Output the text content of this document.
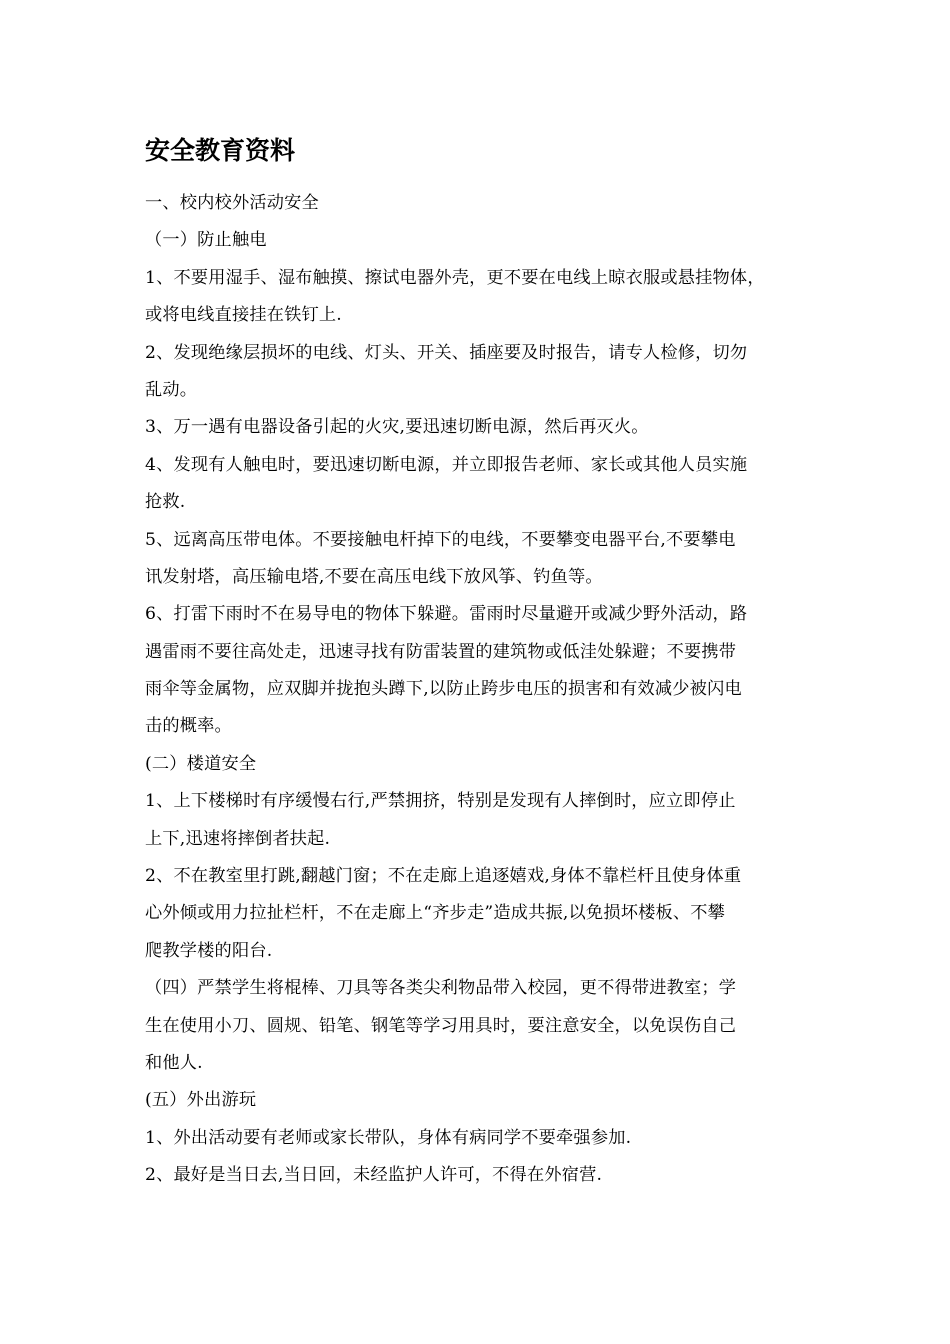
安全教育资料
一、校内校外活动安全
（一）防止触电
1、不要用湿手、湿布触摸、擦试电器外壳，更不要在电线上晾衣服或悬挂物体，
或将电线直接挂在铁钉上.
2、发现绝缘层损坏的电线、灯头、开关、插座要及时报告，请专人检修，切勿
乱动。
3、万一遇有电器设备引起的火灾,要迅速切断电源，然后再灭火。
4、发现有人触电时，要迅速切断电源，并立即报告老师、家长或其他人员实施
抢救.
5、远离高压带电体。不要接触电杆掉下的电线，不要攀变电器平台,不要攀电
讯发射塔，高压输电塔,不要在高压电线下放风筝、钓鱼等。
6、打雷下雨时不在易导电的物体下躲避。雷雨时尽量避开或减少野外活动，路
遇雷雨不要往高处走，迅速寻找有防雷装置的建筑物或低洼处躲避；不要携带
雨伞等金属物，应双脚并拢抱头蹲下,以防止跨步电压的损害和有效减少被闪电
击的概率。
(二）楼道安全
1、上下楼梯时有序缓慢右行,严禁拥挤，特别是发现有人摔倒时，应立即停止
上下,迅速将摔倒者扶起.
2、不在教室里打跳,翻越门窗；不在走廊上追逐嬉戏,身体不靠栏杆且使身体重
心外倾或用力拉扯栏杆，不在走廊上“齐步走”造成共振,以免损坏楼板、不攀
爬教学楼的阳台.
（四）严禁学生将棍棒、刀具等各类尖利物品带入校园，更不得带进教室；学
生在使用小刀、圆规、铅笔、钢笔等学习用具时，要注意安全，以免误伤自己
和他人.
(五）外出游玩
1、外出活动要有老师或家长带队，身体有病同学不要牵强参加.
2、最好是当日去,当日回，未经监护人许可，不得在外宿营.
